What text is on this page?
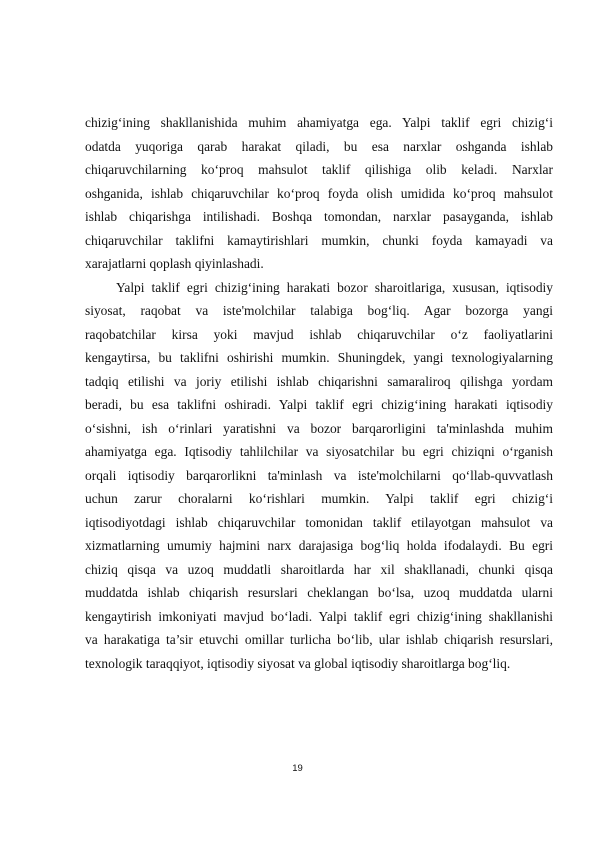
chizig‘ining shakllanishida muhim ahamiyatga ega. Yalpi taklif egri chizig‘i
odatda yuqoriga qarab harakat qiladi, bu esa narxlar oshganda ishlab
chiqaruvchilarning ko‘proq mahsulot taklif qilishiga olib keladi. Narxlar
oshganida, ishlab chiqaruvchilar ko‘proq foyda olish umidida ko‘proq mahsulot
ishlab chiqarishga intilishadi. Boshqa tomondan, narxlar pasayganda, ishlab
chiqaruvchilar taklifni kamaytirishlari mumkin, chunki foyda kamayadi va
xarajatlarni qoplash qiyinlashadi.
Yalpi taklif egri chizig‘ining harakati bozor sharoitlariga, xususan, iqtisodiy
siyosat, raqobat va iste'molchilar talabiga bog‘liq. Agar bozorga yangi
raqobatchilar kirsa yoki mavjud ishlab chiqaruvchilar o‘z faoliyatlarini
kengaytirsa, bu taklifni oshirishi mumkin. Shuningdek, yangi texnologiyalarning
tadqiq etilishi va joriy etilishi ishlab chiqarishni samaraliroq qilishga yordam
beradi, bu esa taklifni oshiradi. Yalpi taklif egri chizig‘ining harakati iqtisodiy
o‘sishni, ish o‘rinlari yaratishni va bozor barqarorligini ta'minlashda muhim
ahamiyatga ega. Iqtisodiy tahlilchilar va siyosatchilar bu egri chiziqni o‘rganish
orqali iqtisodiy barqarorlikni ta'minlash va iste'molchilarni qo‘llab-quvvatlash
uchun zarur choralarni ko‘rishlari mumkin. Yalpi taklif egri chizig‘i
iqtisodiyotdagi ishlab chiqaruvchilar tomonidan taklif etilayotgan mahsulot va
xizmatlarning umumiy hajmini narx darajasiga bog‘liq holda ifodalaydi. Bu egri
chiziq qisqa va uzoq muddatli sharoitlarda har xil shakllanadi, chunki qisqa
muddatda ishlab chiqarish resurslari cheklangan bo‘lsa, uzoq muddatda ularni
kengaytirish imkoniyati mavjud bo‘ladi. Yalpi taklif egri chizig‘ining shakllanishi
va harakatiga ta’sir etuvchi omillar turlicha bo‘lib, ular ishlab chiqarish resurslari,
texnologik taraqqiyot, iqtisodiy siyosat va global iqtisodiy sharoitlarga bog‘liq.
19
